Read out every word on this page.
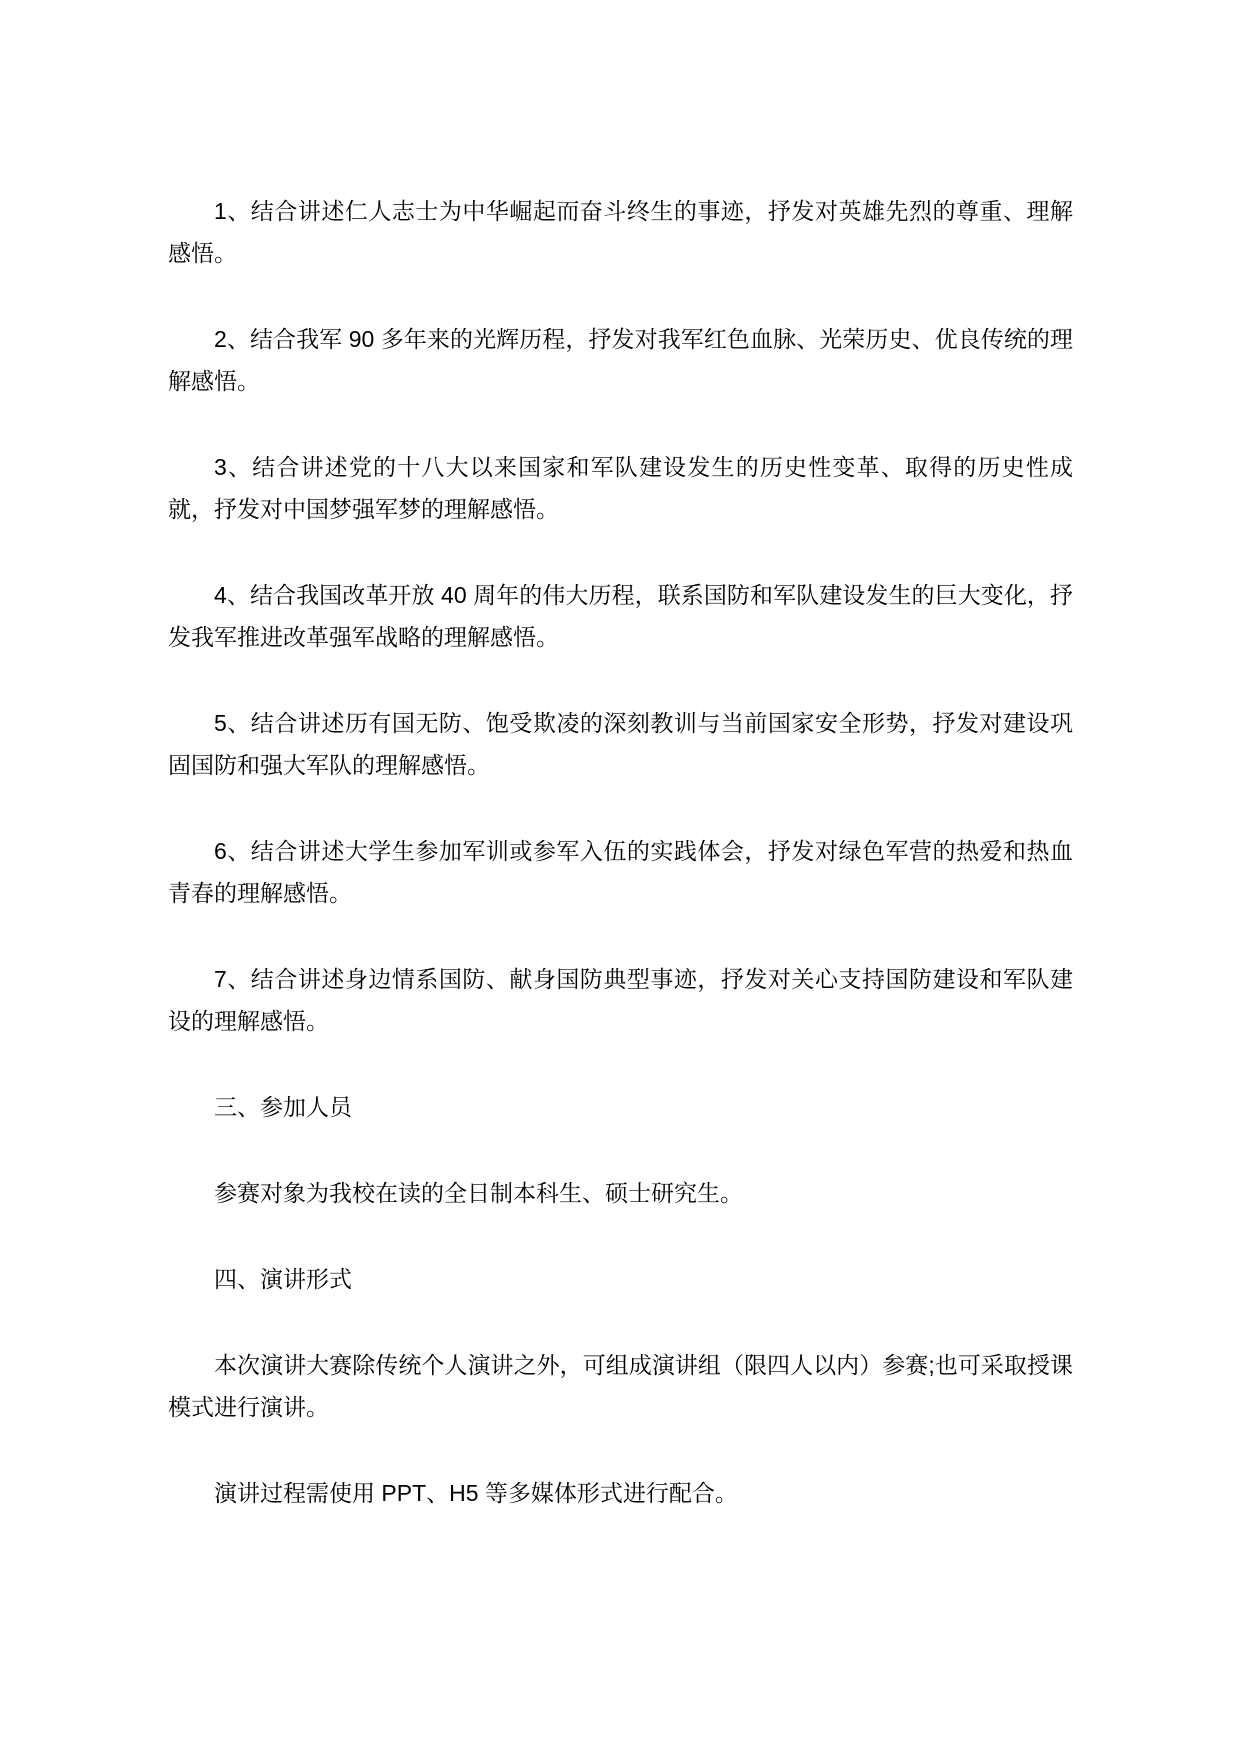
1、结合讲述仁人志士为中华崛起而奋斗终生的事迹，抒发对英雄先烈的尊重、理解感悟。

2、结合我军 90 多年来的光辉历程，抒发对我军红色血脉、光荣历史、优良传统的理解感悟。

3、结合讲述党的十八大以来国家和军队建设发生的历史性变革、取得的历史性成就，抒发对中国梦强军梦的理解感悟。

4、结合我国改革开放 40 周年的伟大历程，联系国防和军队建设发生的巨大变化，抒发我军推进改革强军战略的理解感悟。

5、结合讲述历有国无防、饱受欺凌的深刻教训与当前国家安全形势，抒发对建设巩固国防和强大军队的理解感悟。

6、结合讲述大学生参加军训或参军入伍的实践体会，抒发对绿色军营的热爱和热血青春的理解感悟。

7、结合讲述身边情系国防、献身国防典型事迹，抒发对关心支持国防建设和军队建设的理解感悟。

三、参加人员

参赛对象为我校在读的全日制本科生、硕士研究生。

四、演讲形式

本次演讲大赛除传统个人演讲之外，可组成演讲组（限四人以内）参赛;也可采取授课模式进行演讲。

演讲过程需使用 PPT、H5 等多媒体形式进行配合。
